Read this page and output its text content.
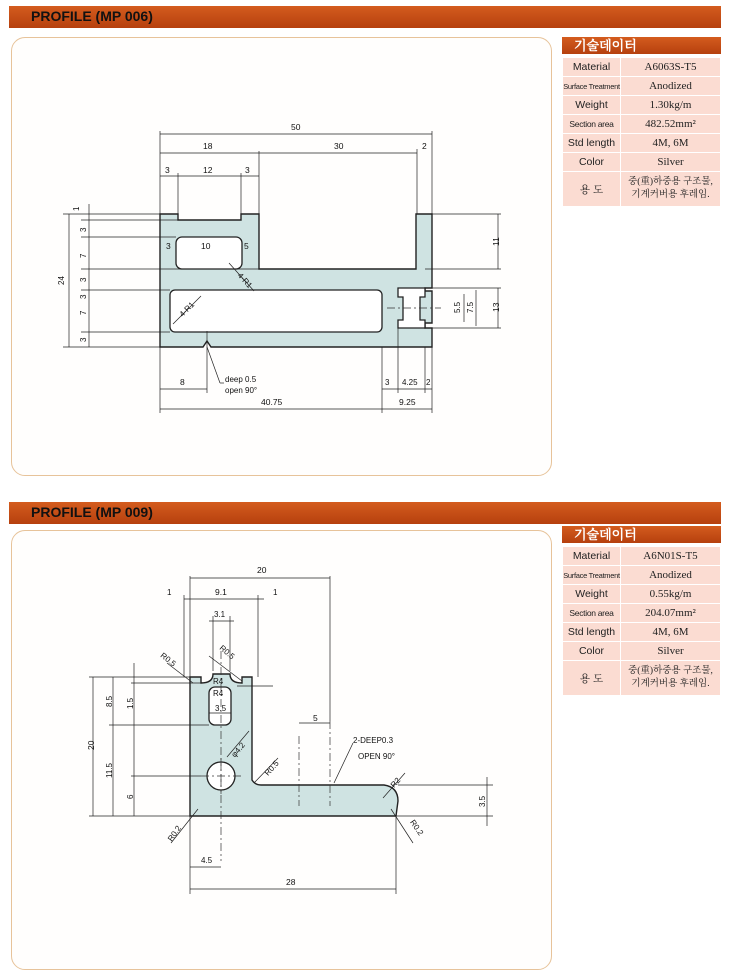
PROFILE (MP 006)
50
18	30	2
3	12	3
1
3
7
3
3
7
3
24
3	10	5
4-R1
4-R1
11
5.5 7.5 13
8	deep 0.5
open 90°
40.75
3 4.25 2
9.25
기술데이터
Material	A6063S-T5
Surface Treatment	Anodized
Weight	1.30kg/m
Section area	482.52mm²
Std length	4M, 6M
Color	Silver
용 도	중(重)하중용 구조물,
기계커버용 후레임.
PROFILE (MP 009)
20
1	9.1	1
3.1
R0.5	R0.5
R4
R4
3.5
20
8.5
11.5
1.5
6
φ4.2
R0.5
5
2-DEEP0.3
OPEN 90°
R2
3.5
R0.2	R0.2
4.5
28
기술데이터
Material	A6N01S-T5
Surface Treatment	Anodized
Weight	0.55kg/m
Section area	204.07mm²
Std length	4M, 6M
Color	Silver
용 도	중(重)하중용 구조물,
기계커버용 후레임.
